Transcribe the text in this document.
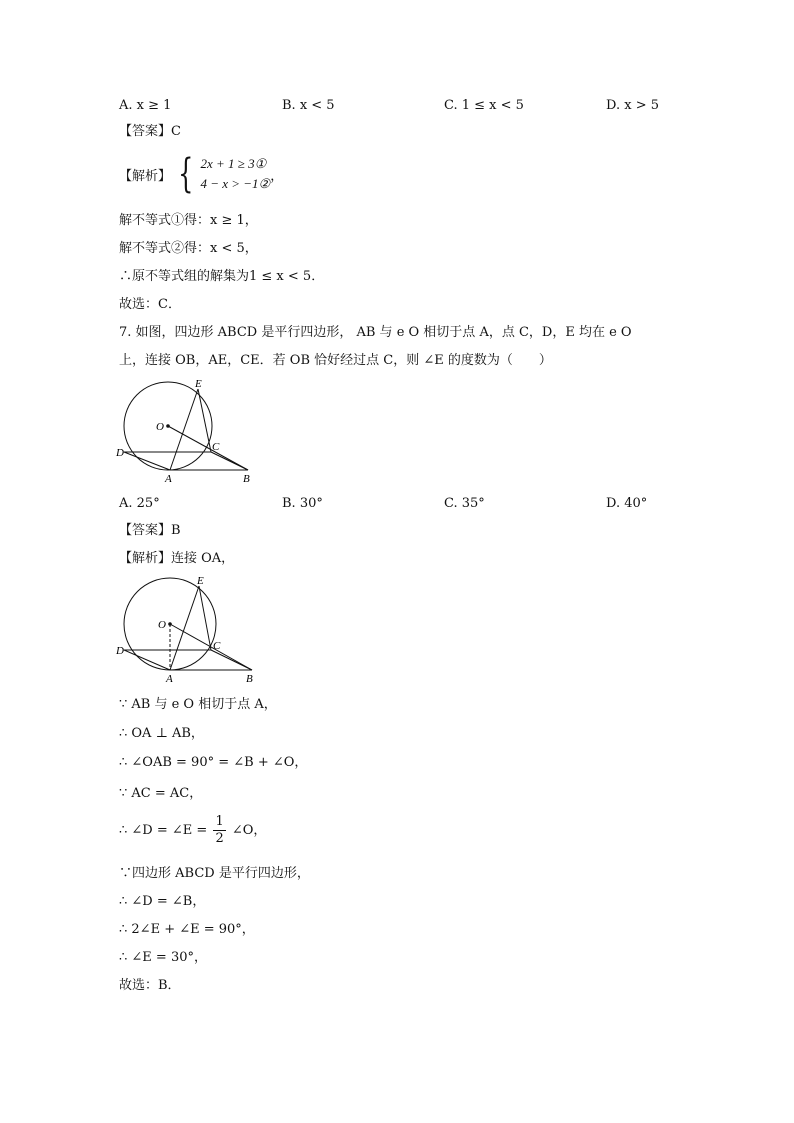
A. x ≥ 1	B. x < 5	C. 1 ≤ x < 5	D. x > 5
【答案】C
【解析】 { 2x + 1 ≥ 3①
4 − x > −1② ，
解不等式①得：x ≥ 1，
解不等式②得：x < 5，
∴原不等式组的解集为1 ≤ x < 5．
故选：C．
7. 如图，四边形 ABCD 是平行四边形， AB 与 e O 相切于点 A，点 C，D，E 均在 e O
上，连接 OB，AE，CE．若 OB 恰好经过点 C，则 ∠E 的度数为（　　）
E
O
C
D
A	B
A. 25°	B. 30°	C. 35°	D. 40°
【答案】B
【解析】连接 OA，
E
O
C
D
A	B
∵ AB 与 e O 相切于点 A，
∴ OA ⊥ AB，
∴ ∠OAB = 90° = ∠B + ∠O，
∵ AC = AC，
∴ ∠D = ∠E = $\frac{1}{2}$ ∠O，
∵四边形 ABCD 是平行四边形，
∴ ∠D = ∠B，
∴ 2∠E + ∠E = 90°，
∴ ∠E = 30°，
故选：B．
